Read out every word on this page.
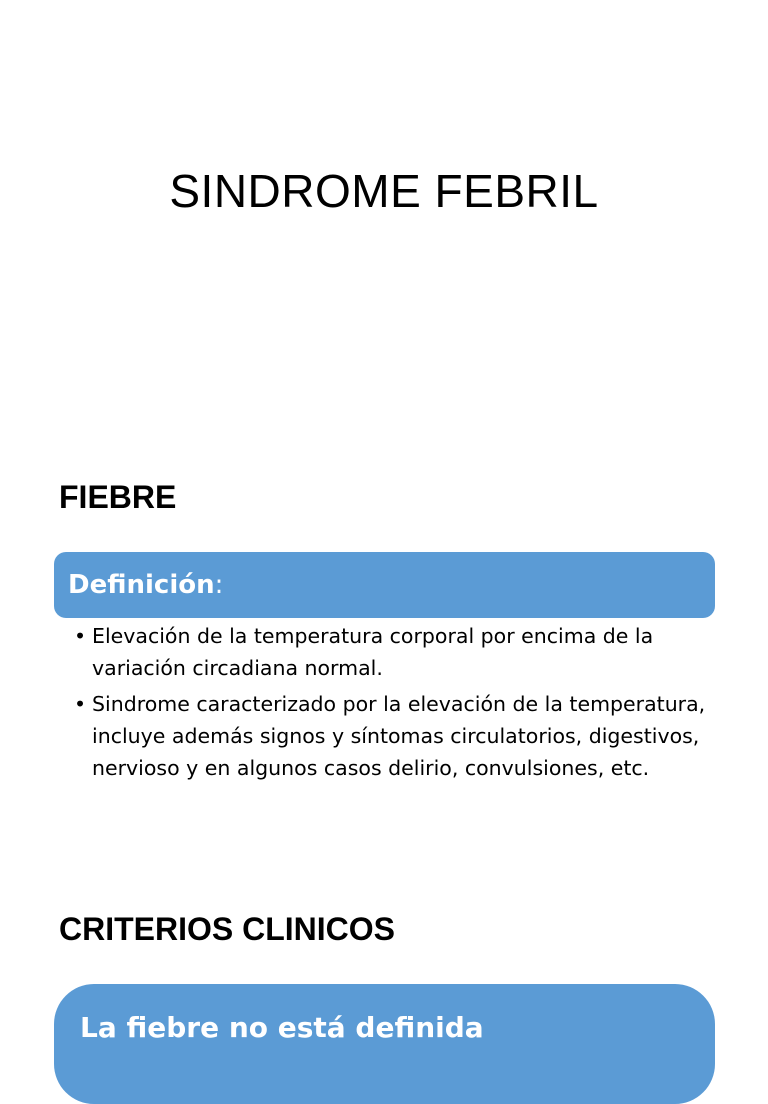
SINDROME FEBRIL
FIEBRE
Definición:
• Elevación de la temperatura corporal por encima de la variación circadiana normal.
• Sindrome caracterizado por la elevación de la temperatura, incluye además signos y síntomas circulatorios, digestivos, nervioso y en algunos casos delirio, convulsiones, etc.
CRITERIOS CLINICOS
La fiebre no está definida
